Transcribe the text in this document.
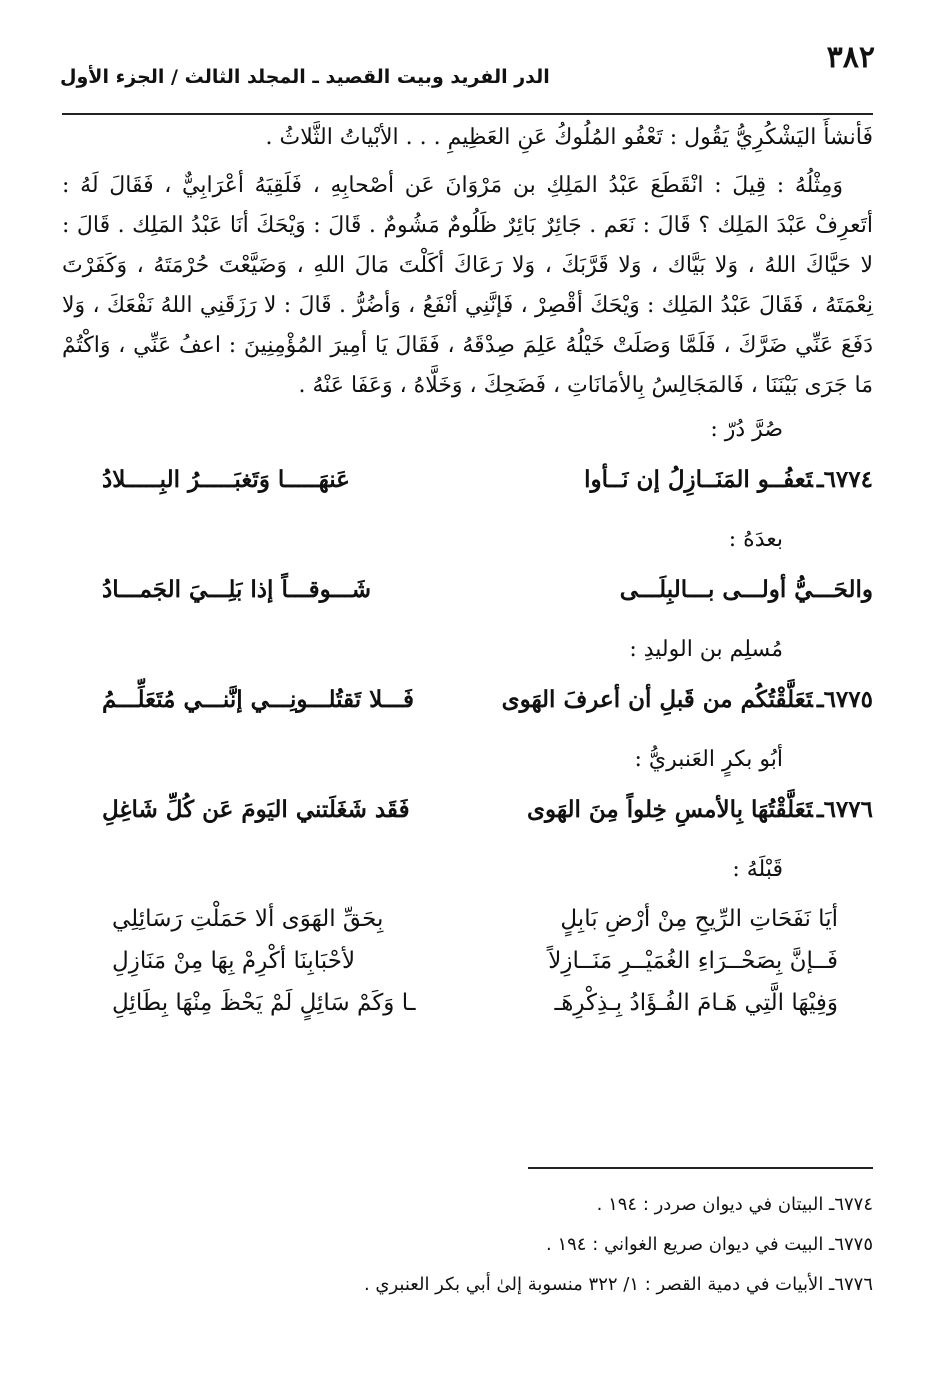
٣٨٢
الدر الفريد وبيت القصيد ـ المجلد الثالث / الجزء الأول

فَأنشأَ اليَشْكُرِيُّ يَقُول : تَعْفُو المُلُوكُ عَنِ العَظِيمِ . . . الأبْياتُ الثَّلاثُ .

وَمِثْلُهُ : قِيلَ : انْقَطَعَ عَبْدُ المَلِكِ بن مَرْوَانَ عَن أصْحابِهِ ، فَلَقِيَهُ أعْرَابِيٌّ ، فَقَالَ لَهُ : أتَعرِفْ عَبْدَ المَلِك ؟ قَالَ : نَعَم . جَائِرٌ بَائِرٌ ظَلُومٌ مَشُومٌ . قَالَ : وَيْحَكَ أنَا عَبْدُ المَلِك . قَالَ : لا حَيَّاكَ اللهُ ، وَلا بَيَّاك ، وَلا قَرَّبَكَ ، وَلا رَعَاكَ أكَلْتَ مَالَ اللهِ ، وَضَيَّعْتَ حُرْمَتَهُ ، وَكَفَرْتَ نِعْمَتَهُ ، فَقَالَ عَبْدُ المَلِك : وَيْحَكَ أقْصِرْ ، فَإنَّنِي أنْفَعُ ، وَأضُرُّ . قَالَ : لا رَزَقَنِي اللهُ نَفْعَكَ ، وَلا دَفَعَ عَنِّي ضَرَّكَ ، فَلَمَّا وَصَلَتْ خَيْلُهُ عَلِمَ صِدْقَهُ ، فَقَالَ يَا أمِيرَ المُؤْمِنِينَ : اعفُ عَنِّي ، وَاكْتُمْ مَا جَرَى بَيْنَنَا ، فَالمَجَالِسُ بِالأمَانَاتِ ، فَضَحِكَ ، وَخَلَّاهُ ، وَعَفَا عَنْهُ .

صُرَّ دُرّ :
٦٧٧٤ـتَعفُــو المَنَــازِلُ إن نَــأوا
عَنهَـــــا وَتَغبَـــــرُ البِـــــلادُ
بعدَهُ :
والحَـــيُّ أولـــى بـــالبِلَـــى
شَـــوقـــاً إذا بَلِـــيَ الجَمـــادُ
مُسلِم بن الوليدِ :
٦٧٧٥ـتَعَلَّقْتُكُم من قَبلِ أن أعرفَ الهَوى
فَـــلا تَقتُلـــونِـــي إنَّنـــي مُتَعَلِّـــمُ
أبُو بكرٍ العَنبريُّ :
٦٧٧٦ـتَعَلَّقْتُهَا بِالأمسِ خِلواً مِنَ الهَوى
فَقَد شَغَلَتني اليَومَ عَن كُلِّ شَاغِلِ
قَبْلَهُ :
أيَا نَفَحَاتِ الرِّيحِ مِنْ أرْضِ بَابِلٍ
بِحَقِّ الهَوَى ألا حَمَلْتِ رَسَائِلِي
فَــإنَّ بِصَحْــرَاءِ الغُمَيْــرِ مَنَــازِلاً
لأحْبَابِنَا أكْرِمْ بِهَا مِنْ مَنَازِلِ
وَفِيْهَا الَّتِي هَـامَ الفُـؤَادُ بِـذِكْرِهَـ
ـا وَكَمْ سَائِلٍ لَمْ يَحْظَ مِنْهَا بِطَائِلِ
٦٧٧٤ـ البيتان في ديوان صردر : ١٩٤ .
٦٧٧٥ـ البيت في ديوان صريع الغواني : ١٩٤ .
٦٧٧٦ـ الأبيات في دمية القصر : ١/ ٣٢٢ منسوبة إلىٰ أبي بكر العنبري .
